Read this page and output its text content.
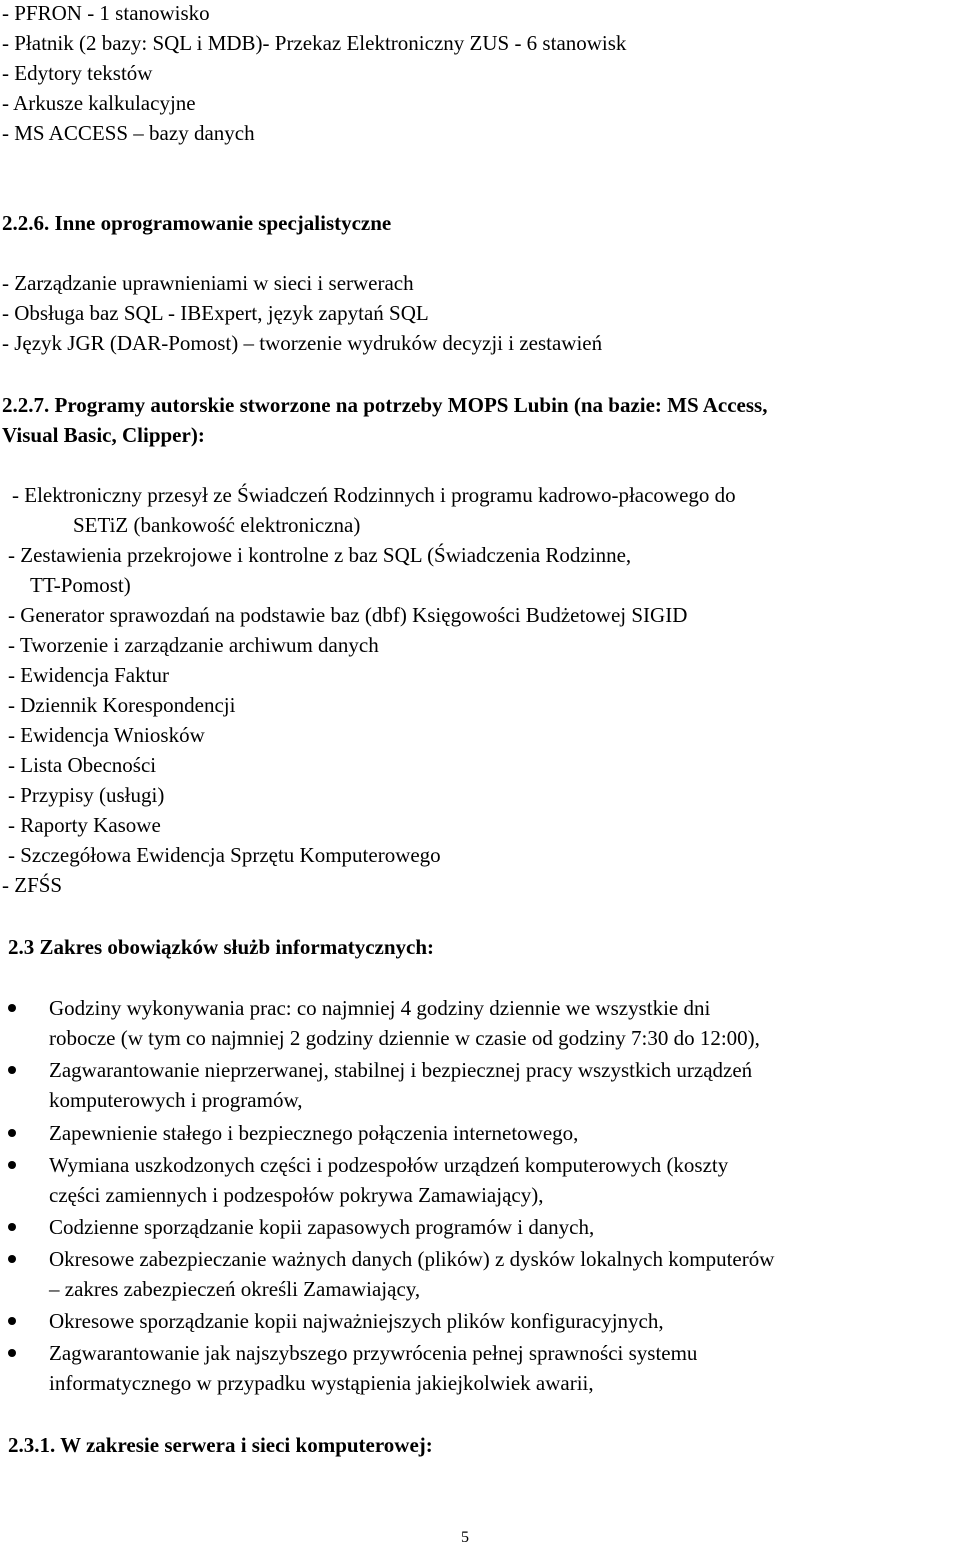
- PFRON - 1 stanowisko
- Płatnik (2 bazy: SQL i MDB)- Przekaz Elektroniczny ZUS - 6 stanowisk
- Edytory tekstów
- Arkusze kalkulacyjne
- MS ACCESS – bazy danych
2.2.6. Inne oprogramowanie specjalistyczne
- Zarządzanie uprawnieniami w sieci i serwerach
- Obsługa baz SQL - IBExpert, język zapytań SQL
- Język JGR (DAR-Pomost) – tworzenie wydruków decyzji i zestawień
2.2.7. Programy autorskie stworzone na potrzeby MOPS Lubin (na bazie: MS Access,
Visual Basic, Clipper):
- Elektroniczny przesył ze Świadczeń Rodzinnych i programu kadrowo-płacowego do
SETiZ (bankowość elektroniczna)
- Zestawienia przekrojowe i kontrolne z baz SQL (Świadczenia Rodzinne,
TT-Pomost)
- Generator sprawozdań na podstawie baz (dbf) Księgowości Budżetowej SIGID
- Tworzenie i zarządzanie archiwum danych
- Ewidencja Faktur
- Dziennik Korespondencji
- Ewidencja Wniosków
- Lista Obecności
- Przypisy (usługi)
- Raporty Kasowe
- Szczegółowa Ewidencja Sprzętu Komputerowego
- ZFŚS
2.3 Zakres obowiązków służb informatycznych:
Godziny wykonywania prac: co najmniej 4 godziny dziennie we wszystkie dni
robocze (w tym co najmniej 2 godziny dziennie w czasie od godziny 7:30 do 12:00),
Zagwarantowanie nieprzerwanej, stabilnej i bezpiecznej pracy wszystkich urządzeń
komputerowych i programów,
Zapewnienie stałego i bezpiecznego połączenia internetowego,
Wymiana uszkodzonych części i podzespołów urządzeń komputerowych (koszty
części zamiennych i podzespołów pokrywa Zamawiający),
Codzienne sporządzanie kopii zapasowych programów i danych,
Okresowe zabezpieczanie ważnych danych (plików) z dysków lokalnych komputerów
– zakres zabezpieczeń określi Zamawiający,
Okresowe sporządzanie kopii najważniejszych plików konfiguracyjnych,
Zagwarantowanie jak najszybszego przywrócenia pełnej sprawności systemu
informatycznego w przypadku wystąpienia jakiejkolwiek awarii,
2.3.1. W zakresie serwera i sieci komputerowej:
5
